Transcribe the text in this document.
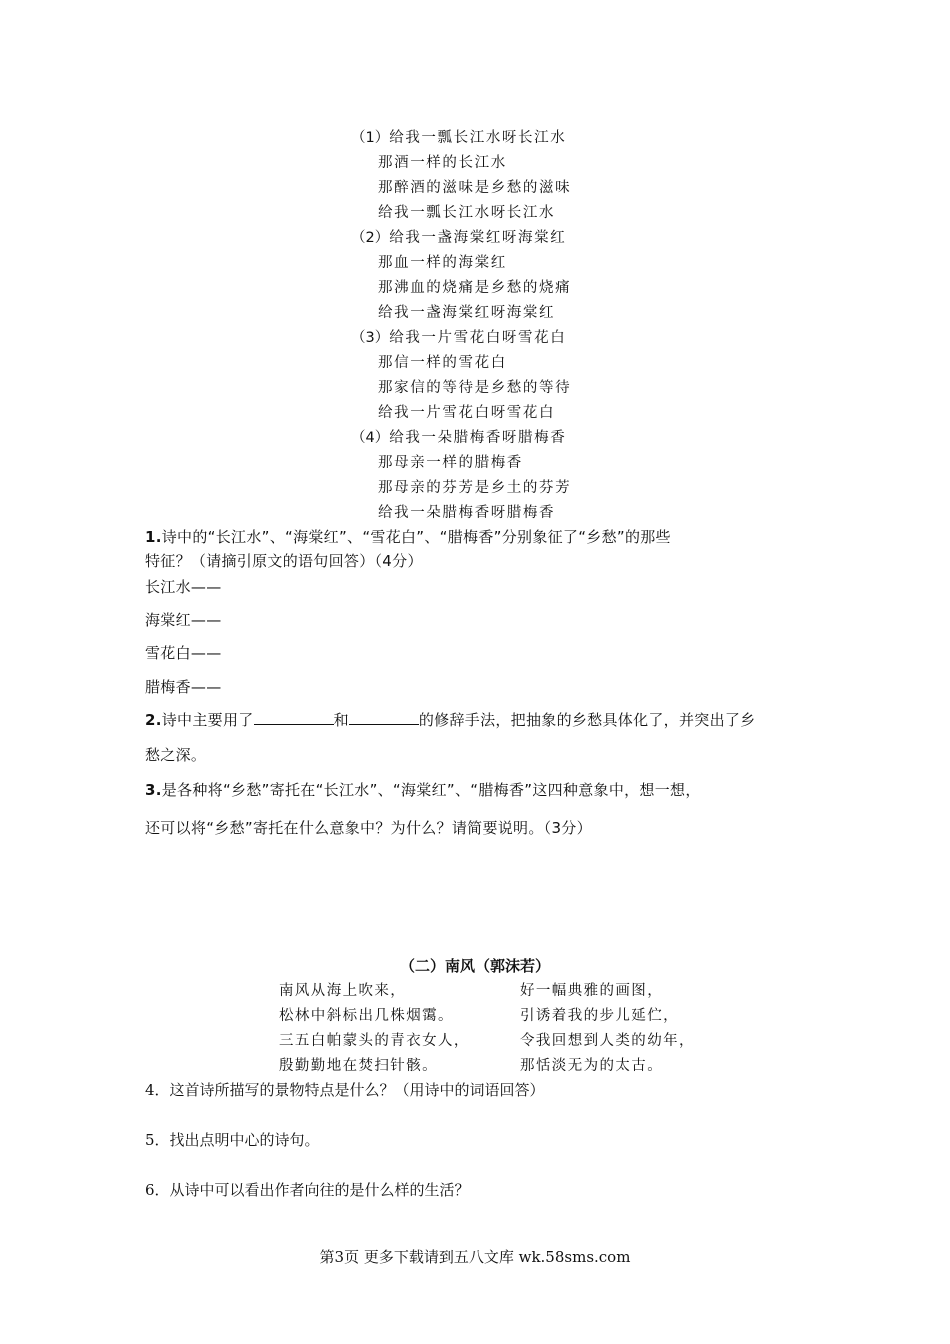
（1）给我一瓢长江水呀长江水
那酒一样的长江水
那醉酒的滋味是乡愁的滋味
给我一瓢长江水呀长江水
（2）给我一盏海棠红呀海棠红
那血一样的海棠红
那沸血的烧痛是乡愁的烧痛
给我一盏海棠红呀海棠红
（3）给我一片雪花白呀雪花白
那信一样的雪花白
那家信的等待是乡愁的等待
给我一片雪花白呀雪花白
（4）给我一朵腊梅香呀腊梅香
那母亲一样的腊梅香
那母亲的芬芳是乡土的芬芳
给我一朵腊梅香呀腊梅香
1.诗中的“长江水”、“海棠红”、“雪花白”、“腊梅香”分别象征了“乡愁”的那些
特征？（请摘引原文的语句回答）（4分）
长江水——
海棠红——
雪花白——
腊梅香——
2.诗中主要用了	和	的修辞手法，把抽象的乡愁具体化了，并突出了乡
愁之深。
3.是各种将“乡愁”寄托在“长江水”、“海棠红”、“腊梅香”这四种意象中，想一想，
还可以将“乡愁”寄托在什么意象中？为什么？请简要说明。（3分）
（二）南风（郭沫若）
南风从海上吹来，
松林中斜标出几株烟霭。
三五白帕蒙头的青衣女人，
殷勤勤地在焚扫针骸。
好一幅典雅的画图，
引诱着我的步儿延伫，
令我回想到人类的幼年，
那恬淡无为的太古。
4．这首诗所描写的景物特点是什么？（用诗中的词语回答）
5．找出点明中心的诗句。
6．从诗中可以看出作者向往的是什么样的生活？
第3页 更多下载请到五八文库 wk.58sms.com
